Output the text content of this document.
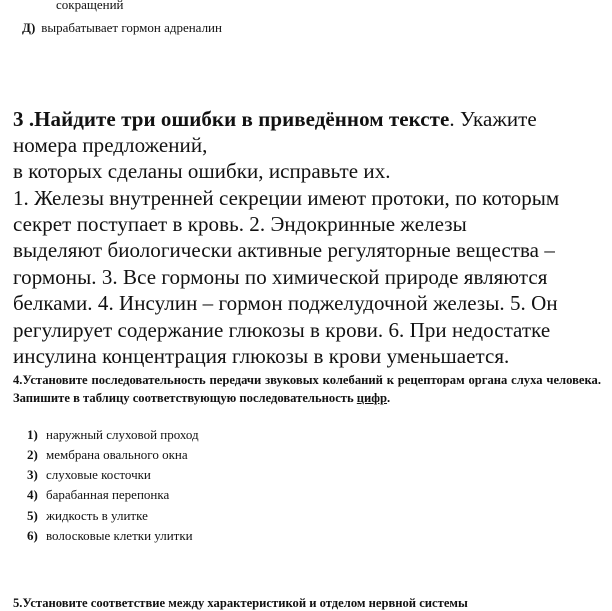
сокращений
Д) вырабатывает гормон адреналин
3 .Найдите три ошибки в приведённом тексте. Укажите
номера предложений,
в которых сделаны ошибки, исправьте их.
1. Железы внутренней секреции имеют протоки, по которым
секрет поступает в кровь. 2. Эндокринные железы
выделяют биологически активные регуляторные вещества –
гормоны. 3. Все гормоны по химической природе являются
белками. 4. Инсулин – гормон поджелудочной железы. 5. Он
регулирует содержание глюкозы в крови. 6. При недостатке
инсулина концентрация глюкозы в крови уменьшается.
4.Установите последовательность передачи звуковых колебаний к рецепторам органа слуха человека. Запишите в таблицу соответствующую последовательность цифр.
1) наружный слуховой проход
2) мембрана овального окна
3) слуховые косточки
4) барабанная перепонка
5) жидкость в улитке
6) волосковые клетки улитки
5.Установите соответствие между характеристикой и отделом нервной системы
